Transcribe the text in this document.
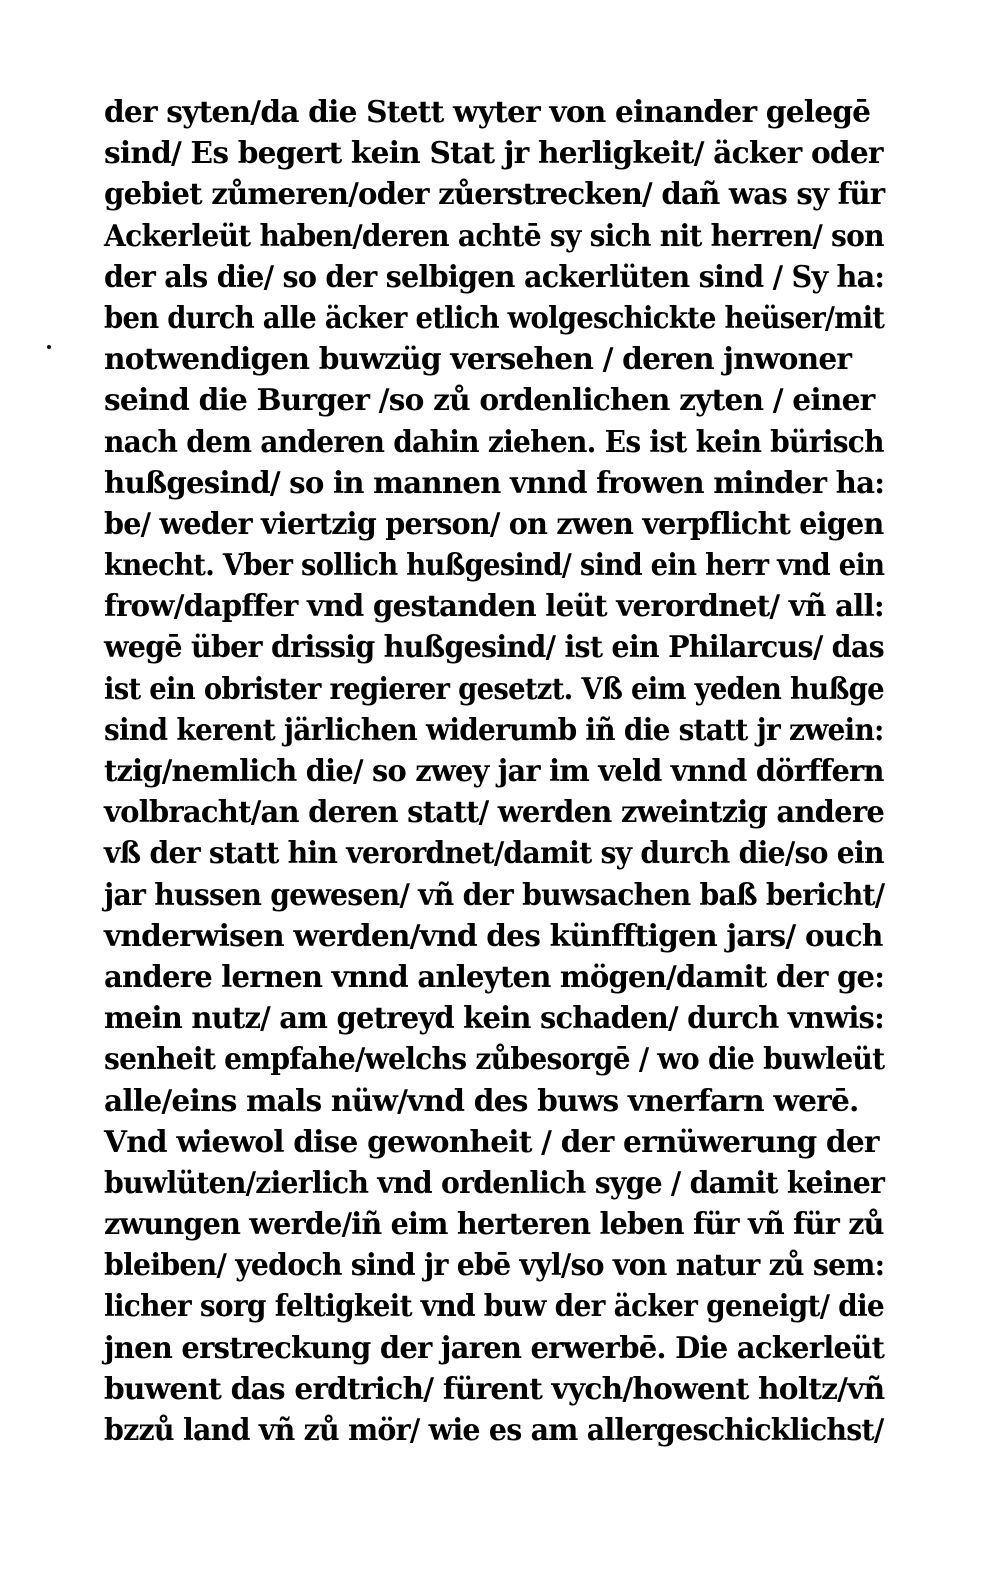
der syten/da die Stett wyter von einander gelegē
sind/ Es begert kein Stat jr herligkeit/ äcker oder
gebiet zůmeren/oder zůerstrecken/ dañ was sy für
Ackerleüt haben/deren achtē sy sich nit herren/ son
der als die/ so der selbigen ackerlüten sind / Sy ha:
ben durch alle äcker etlich wolgeschickte heüser/mit
notwendigen buwzüg versehen / deren jnwoner
seind die Burger /so zů ordenlichen zyten / einer
nach dem anderen dahin ziehen. Es ist kein bürisch
hußgesind/ so in mannen vnnd frowen minder ha:
be/ weder viertzig person/ on zwen verpflicht eigen
knecht. Vber sollich hußgesind/ sind ein herr vnd ein
frow/dapffer vnd gestanden leüt verordnet/ vñ all:
wegē über drissig hußgesind/ ist ein Philarcus/ das
ist ein obrister regierer gesetzt. Vß eim yeden hußge
sind kerent järlichen widerumb iñ die statt jr zwein:
tzig/nemlich die/ so zwey jar im veld vnnd dörffern
volbracht/an deren statt/ werden zweintzig andere
vß der statt hin verordnet/damit sy durch die/so ein
jar hussen gewesen/ vñ der buwsachen baß bericht/
vnderwisen werden/vnd des künfftigen jars/ ouch
andere lernen vnnd anleyten mögen/damit der ge:
mein nutz/ am getreyd kein schaden/ durch vnwis:
senheit empfahe/welchs zůbesorgē / wo die buwleüt
alle/eins mals nüw/vnd des buws vnerfarn werē.
Vnd wiewol dise gewonheit / der ernüwerung der
buwlüten/zierlich vnd ordenlich syge / damit keiner
zwungen werde/iñ eim herteren leben für vñ für zů
bleiben/ yedoch sind jr ebē vyl/so von natur zů sem:
licher sorg feltigkeit vnd buw der äcker geneigt/ die
jnen erstreckung der jaren erwerbē. Die ackerleüt
buwent das erdtrich/ fürent vych/howent holtz/vñ
bzzů land vñ zů mör/ wie es am allergeschicklichst/
